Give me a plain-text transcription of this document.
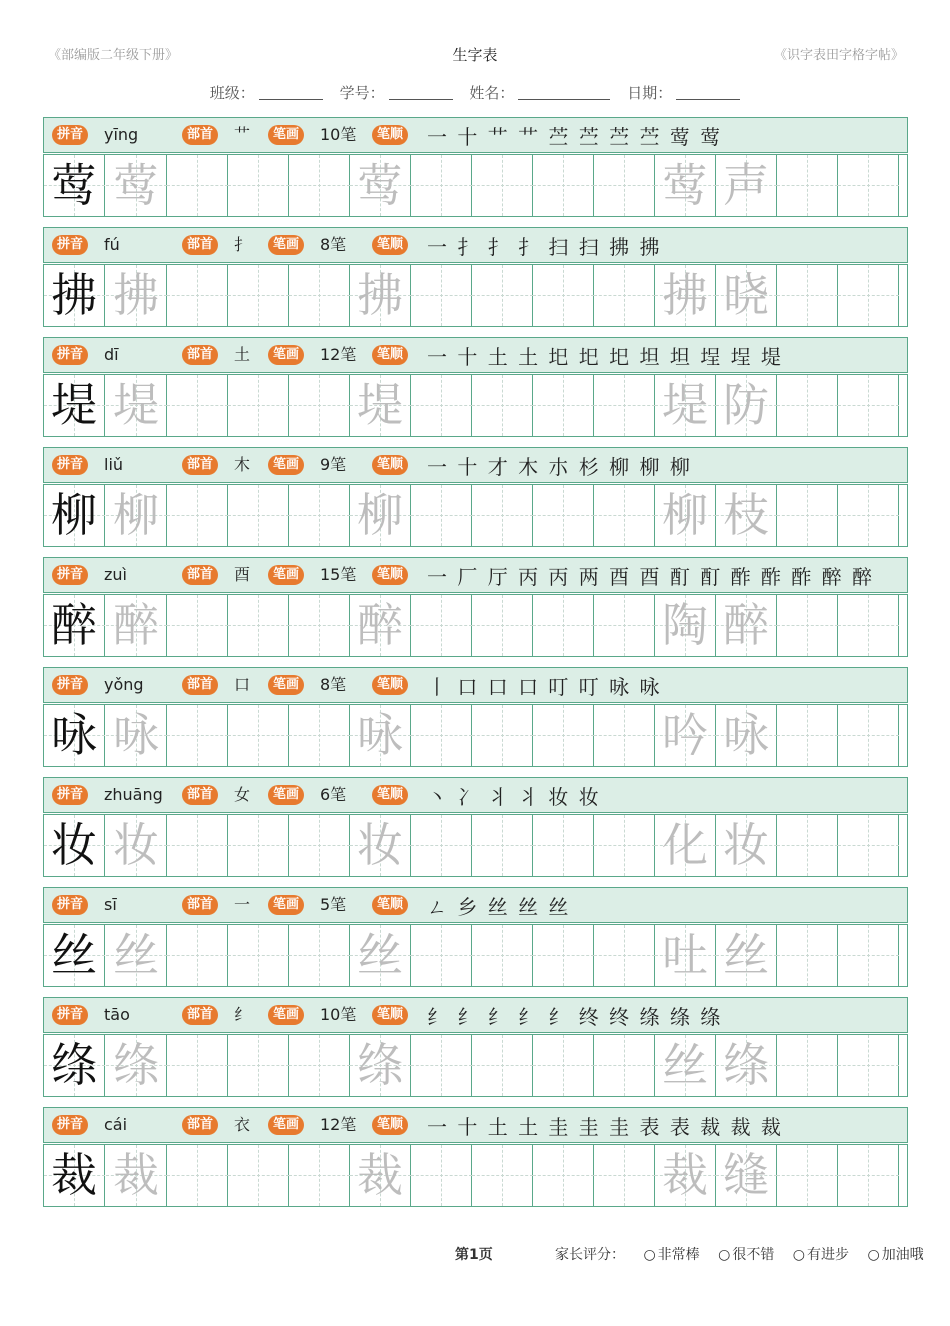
《部编版二年级下册》	生字表	《识字表田字格字帖》
班级：	学号：	姓名：	日期：
拼音	部首	笔画	笔顺
yīng	艹	10笔	一 十 艹 艹 苎 苎 苎 苎 莺 莺
莺 莺	莺	莺 声
拼音	部首	笔画	笔顺
fú	扌	8笔	一 扌 扌 扌 扫 扫 拂 拂
拂 拂	拂	拂 晓
拼音	部首	笔画	笔顺
dī	土	12笔	一 十 土 土 圯 圯 圯 坦 坦 埕 埕 堤
堤 堤	堤	堤 防
拼音	部首	笔画	笔顺
liǔ	木	9笔	一 十 才 木 朩 杉 柳 柳 柳
柳 柳	柳	柳 枝
拼音	部首	笔画	笔顺
zuì	酉	15笔	一 厂 厅 丙 丙 两 酉 酉 酊 酊 酢 酢 酢 醉 醉
醉 醉	醉	陶 醉
拼音	部首	笔画	笔顺
yǒng	口	8笔	丨 口 口 口 叮 叮 咏 咏
咏 咏	咏	吟 咏
拼音	部首	笔画	笔顺
zhuāng	女	6笔	丶 冫 丬 丬 妆 妆
妆 妆	妆	化 妆
拼音	部首	笔画	笔顺
sī	一	5笔	ㄥ 乡 丝 丝 丝
丝 丝	丝	吐 丝
拼音	部首	笔画	笔顺
tāo	纟	10笔	纟 纟 纟 纟 纟 终 终 绦 绦 绦
绦 绦	绦	丝 绦
拼音	部首	笔画	笔顺
cái	衣	12笔	一 十 土 土 圭 圭 圭 表 表 裁 裁 裁
裁 裁	裁	裁 缝
第1页	家长评分： ○ 非常棒 ○ 很不错 ○ 有进步 ○ 加油哦
